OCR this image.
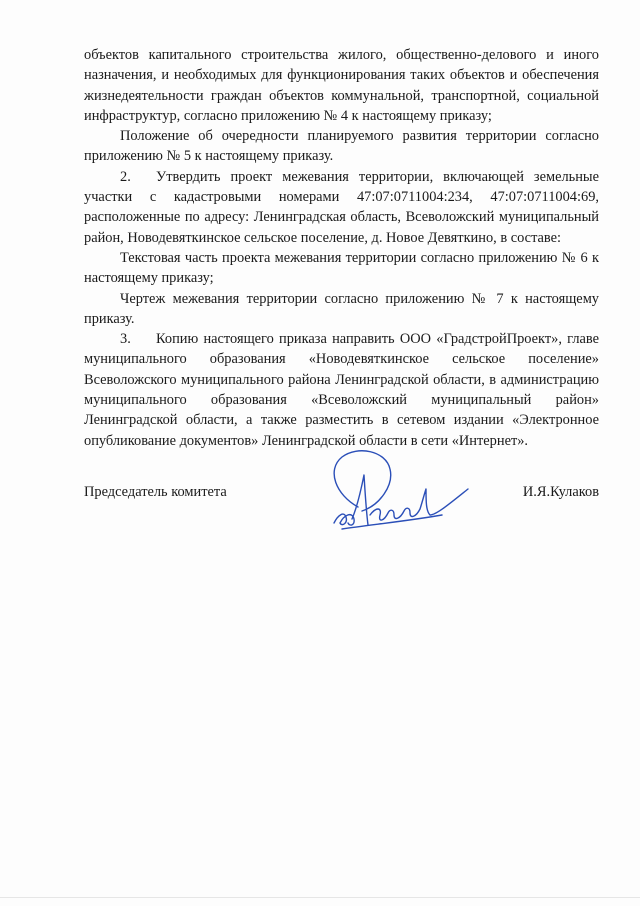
объектов капитального строительства жилого, общественно-делового и иного назначения, и необходимых для функционирования таких объектов и обеспечения жизнедеятельности граждан объектов коммунальной, транспортной, социальной инфраструктур, согласно приложению № 4 к настоящему приказу;

Положение об очередности планируемого развития территории согласно приложению № 5 к настоящему приказу.

2. Утвердить проект межевания территории, включающей земельные участки с кадастровыми номерами 47:07:0711004:234, 47:07:0711004:69, расположенные по адресу: Ленинградская область, Всеволожский муниципальный район, Новодевяткинское сельское поселение, д. Новое Девяткино, в составе:

Текстовая часть проекта межевания территории согласно приложению № 6 к настоящему приказу;

Чертеж межевания территории согласно приложению № 7 к настоящему приказу.

3. Копию настоящего приказа направить ООО «ГрадстройПроект», главе муниципального образования «Новодевяткинское сельское поселение» Всеволожского муниципального района Ленинградской области, в администрацию муниципального образования «Всеволожский муниципальный район» Ленинградской области, а также разместить в сетевом издании «Электронное опубликование документов» Ленинградской области в сети «Интернет».

Председатель комитета	И.Я.Кулаков
